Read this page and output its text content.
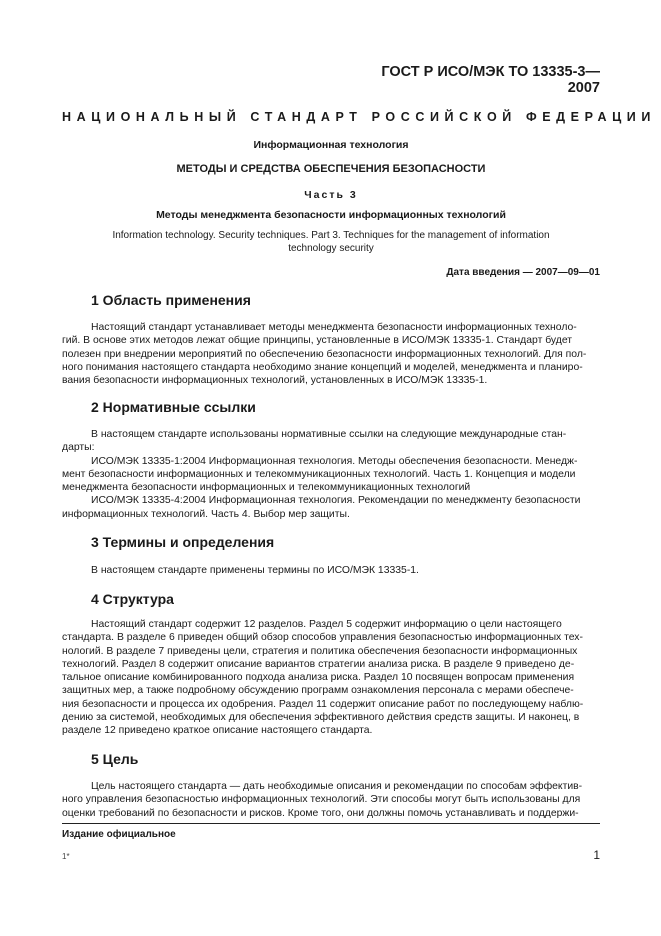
ГОСТ Р ИСО/МЭК ТО 13335-3—2007
НАЦИОНАЛЬНЫЙ СТАНДАРТ РОССИЙСКОЙ ФЕДЕРАЦИИ
Информационная технология
МЕТОДЫ И СРЕДСТВА ОБЕСПЕЧЕНИЯ БЕЗОПАСНОСТИ
Часть 3
Методы менеджмента безопасности информационных технологий
Information technology. Security techniques. Part 3. Techniques for the management of information
technology security
Дата введения — 2007—09—01
1 Область применения
Настоящий стандарт устанавливает методы менеджмента безопасности информационных техноло-
гий. В основе этих методов лежат общие принципы, установленные в ИСО/МЭК 13335-1. Стандарт будет
полезен при внедрении мероприятий по обеспечению безопасности информационных технологий. Для пол-
ного понимания настоящего стандарта необходимо знание концепций и моделей, менеджмента и планиро-
вания безопасности информационных технологий, установленных в ИСО/МЭК 13335-1.
2 Нормативные ссылки
В настоящем стандарте использованы нормативные ссылки на следующие международные стан-
дарты:
ИСО/МЭК 13335-1:2004 Информационная технология. Методы обеспечения безопасности. Менедж-
мент безопасности информационных и телекоммуникационных технологий. Часть 1. Концепция и модели
менеджмента безопасности информационных и телекоммуникационных технологий
ИСО/МЭК 13335-4:2004 Информационная технология. Рекомендации по менеджменту безопасности
информационных технологий. Часть 4. Выбор мер защиты.
3 Термины и определения
В настоящем стандарте применены термины по ИСО/МЭК 13335-1.
4 Структура
Настоящий стандарт содержит 12 разделов. Раздел 5 содержит информацию о цели настоящего
стандарта. В разделе 6 приведен общий обзор способов управления безопасностью информационных тех-
нологий. В разделе 7 приведены цели, стратегия и политика обеспечения безопасности информационных
технологий. Раздел 8 содержит описание вариантов стратегии анализа риска. В разделе 9 приведено де-
тальное описание комбинированного подхода анализа риска. Раздел 10 посвящен вопросам применения
защитных мер, а также подробному обсуждению программ ознакомления персонала с мерами обеспече-
ния безопасности и процесса их одобрения. Раздел 11 содержит описание работ по последующему наблю-
дению за системой, необходимых для обеспечения эффективного действия средств защиты. И наконец, в
разделе 12 приведено краткое описание настоящего стандарта.
5 Цель
Цель настоящего стандарта — дать необходимые описания и рекомендации по способам эффектив-
ного управления безопасностью информационных технологий. Эти способы могут быть использованы для
оценки требований по безопасности и рисков. Кроме того, они должны помочь устанавливать и поддержи-
Издание официальное
1*	1
